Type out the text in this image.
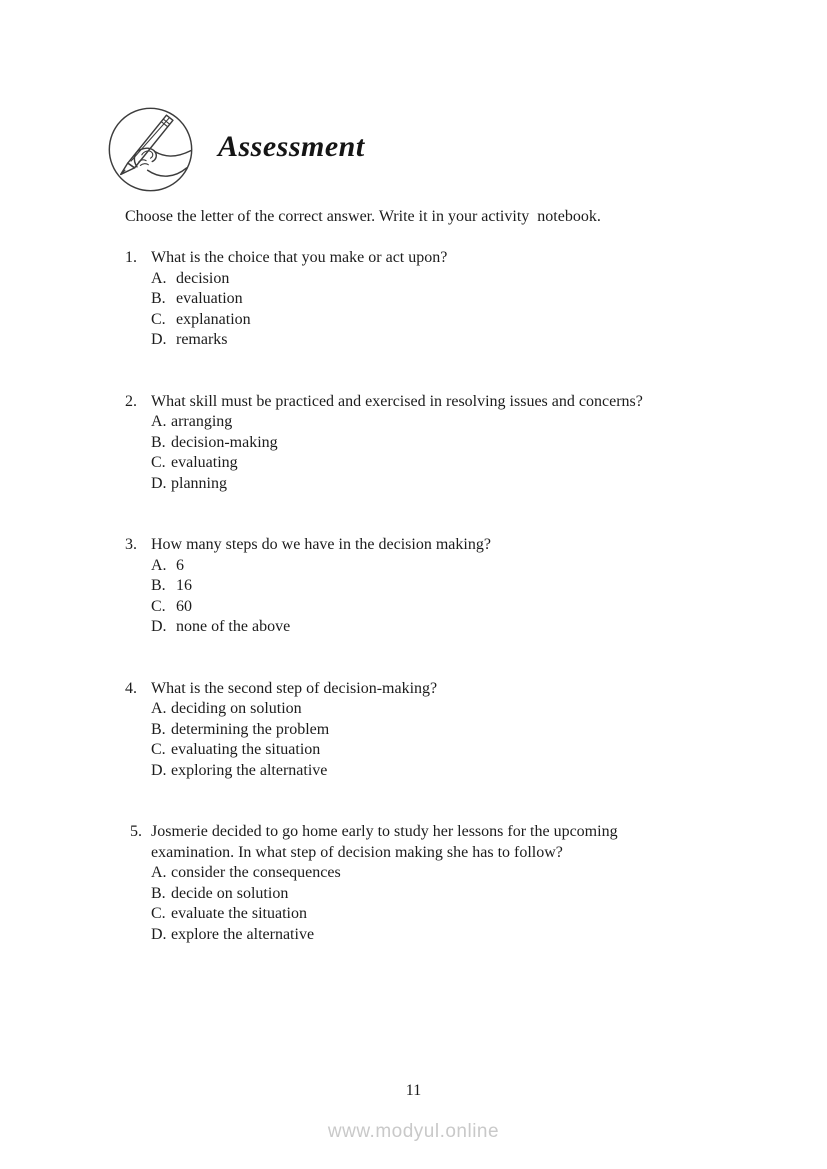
Assessment

Choose the letter of the correct answer. Write it in your activity  notebook.

1. What is the choice that you make or act upon?
A. decision
B. evaluation
C. explanation
D. remarks
2. What skill must be practiced and exercised in resolving issues and concerns?
A. arranging
B. decision-making
C. evaluating
D. planning
3. How many steps do we have in the decision making?
A. 6
B. 16
C. 60
D. none of the above
4. What is the second step of decision-making?
A. deciding on solution
B. determining the problem
C. evaluating the situation
D. exploring the alternative
5. Josmerie decided to go home early to study her lessons for the upcoming examination. In what step of decision making she has to follow?
A. consider the consequences
B. decide on solution
C. evaluate the situation
D. explore the alternative
11
www.modyul.online
